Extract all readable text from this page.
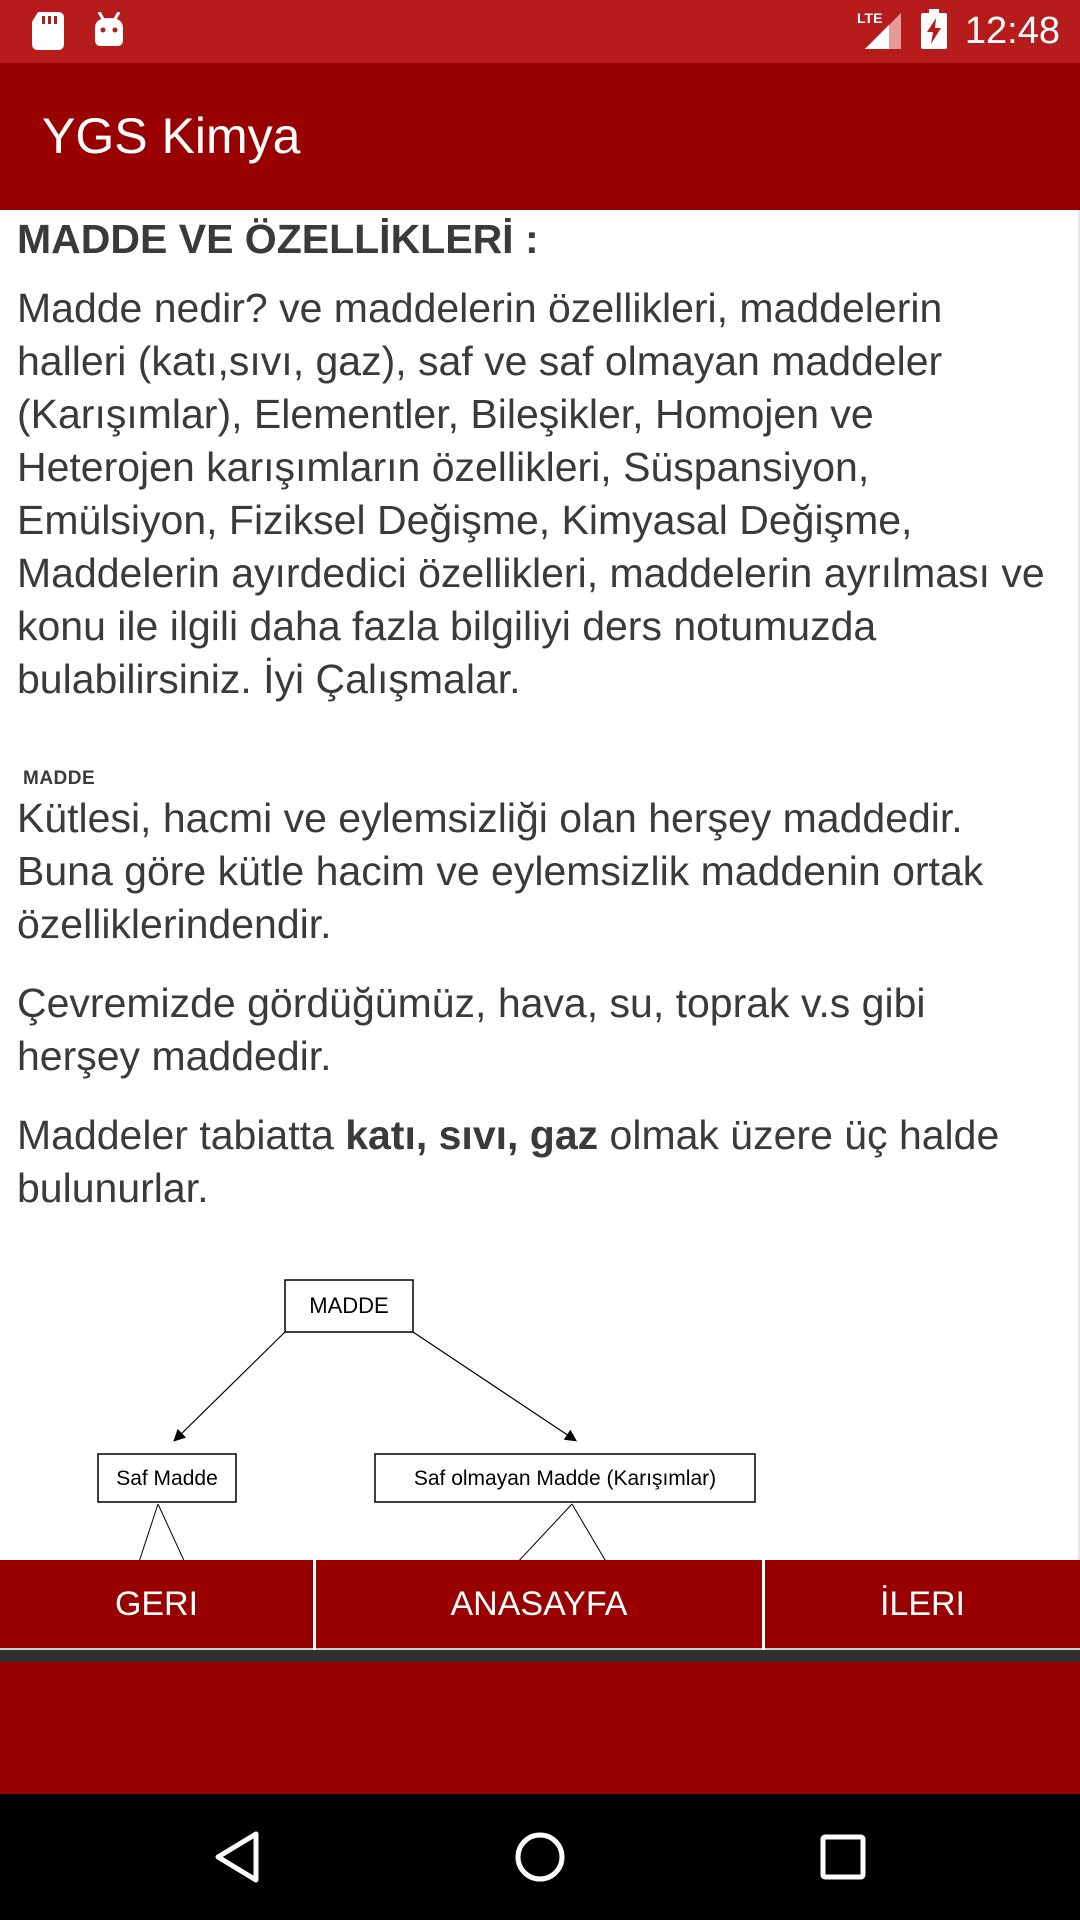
LTE 12:48
YGS Kimya
MADDE VE ÖZELLİKLERİ :
Madde nedir? ve maddelerin özellikleri, maddelerin halleri (katı,sıvı, gaz), saf ve saf olmayan maddeler (Karışımlar), Elementler, Bileşikler, Homojen ve Heterojen karışımların özellikleri, Süspansiyon, Emülsiyon, Fiziksel Değişme, Kimyasal Değişme, Maddelerin ayırdedici özellikleri, maddelerin ayrılması ve konu ile ilgili daha fazla bilgiliyi ders notumuzda bulabilirsiniz. İyi Çalışmalar.
MADDE
Kütlesi, hacmi ve eylemsizliği olan herşey maddedir. Buna göre kütle hacim ve eylemsizlik maddenin ortak özelliklerindendir.
Çevremizde gördüğümüz, hava, su, toprak v.s gibi herşey maddedir.
Maddeler tabiatta katı, sıvı, gaz olmak üzere üç halde bulunurlar.
MADDE
Saf Madde	Saf olmayan Madde (Karışımlar)
GERI	ANASAYFA	İLERI
